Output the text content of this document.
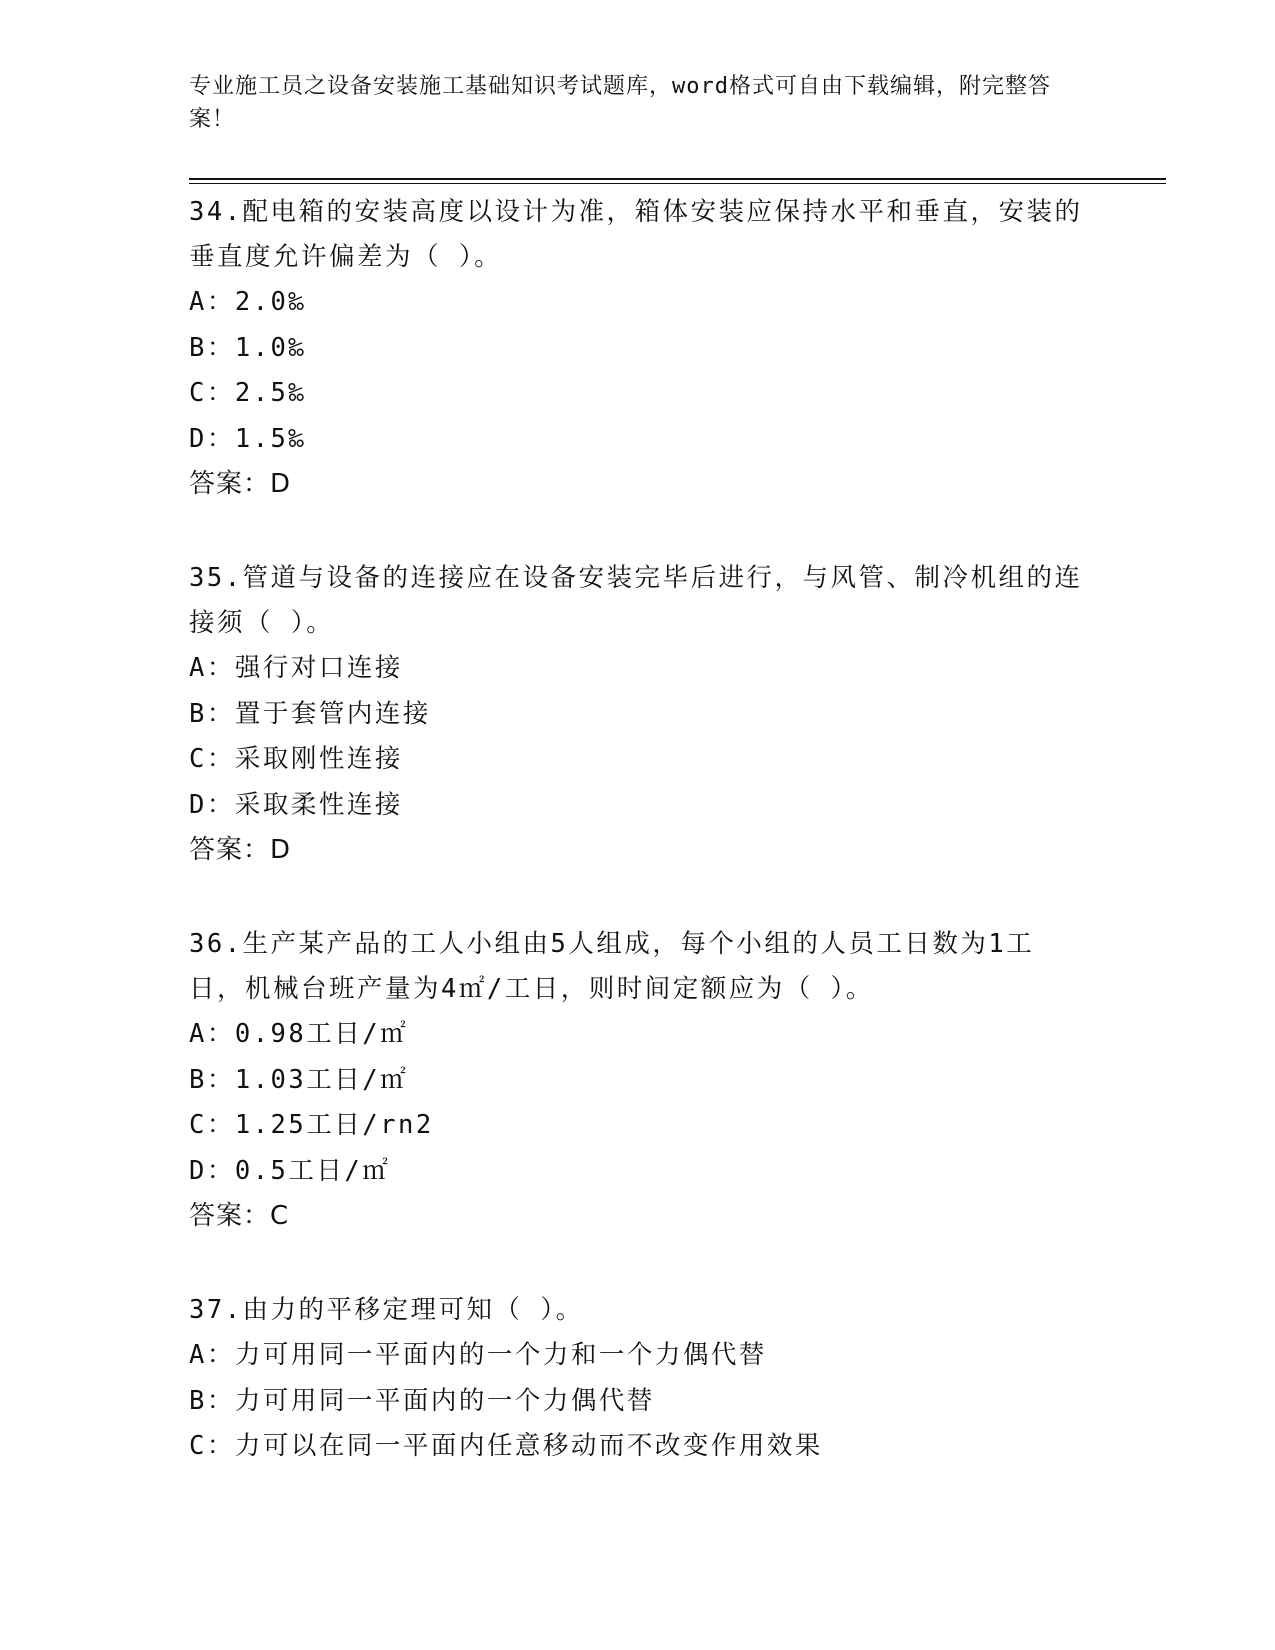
专业施工员之设备安装施工基础知识考试题库，word格式可自由下载编辑，附完整答案！

34.配电箱的安装高度以设计为准，箱体安装应保持水平和垂直，安装的垂直度允许偏差为（ ）。

A：2.0‰

B：1.0‰

C：2.5‰

D：1.5‰

答案：D

35.管道与设备的连接应在设备安装完毕后进行，与风管、制冷机组的连接须（ ）。

A：强行对口连接

B：置于套管内连接

C：采取刚性连接

D：采取柔性连接

答案：D

36.生产某产品的工人小组由5人组成，每个小组的人员工日数为1工日，机械台班产量为4㎡/工日，则时间定额应为（ ）。

A：0.98工日/㎡

B：1.03工日/㎡

C：1.25工日/rn2

D：0.5工日/㎡

答案：C

37.由力的平移定理可知（ ）。

A：力可用同一平面内的一个力和一个力偶代替

B：力可用同一平面内的一个力偶代替

C：力可以在同一平面内任意移动而不改变作用效果
